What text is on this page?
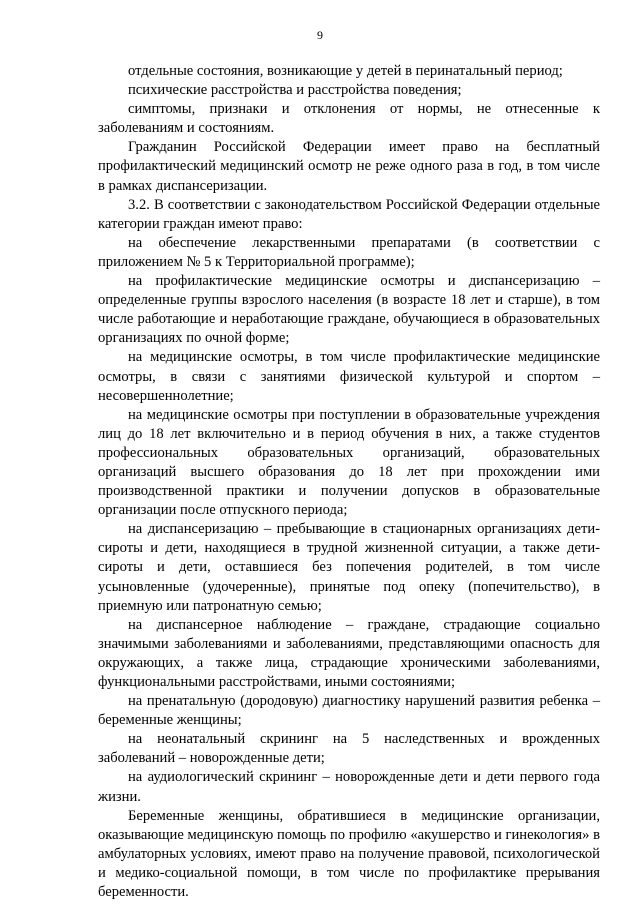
9

отдельные состояния, возникающие у детей в перинатальный период;

психические расстройства и расстройства поведения;

симптомы, признаки и отклонения от нормы, не отнесенные к заболеваниям и состояниям.

Гражданин Российской Федерации имеет право на бесплатный профилактический медицинский осмотр не реже одного раза в год, в том числе в рамках диспансеризации.

3.2. В соответствии с законодательством Российской Федерации отдельные категории граждан имеют право:

на обеспечение лекарственными препаратами (в соответствии с приложением № 5 к Территориальной программе);

на профилактические медицинские осмотры и диспансеризацию – определенные группы взрослого населения (в возрасте 18 лет и старше), в том числе работающие и неработающие граждане, обучающиеся в образовательных организациях по очной форме;

на медицинские осмотры, в том числе профилактические медицинские осмотры, в связи с занятиями физической культурой и спортом – несовершеннолетние;

на медицинские осмотры при поступлении в образовательные учреждения лиц до 18 лет включительно и в период обучения в них, а также студентов профессиональных образовательных организаций, образовательных организаций высшего образования до 18 лет при прохождении ими производственной практики и получении допусков в образовательные организации после отпускного периода;

на диспансеризацию – пребывающие в стационарных организациях дети-сироты и дети, находящиеся в трудной жизненной ситуации, а также дети-сироты и дети, оставшиеся без попечения родителей, в том числе усыновленные (удочеренные), принятые под опеку (попечительство), в приемную или патронатную семью;

на диспансерное наблюдение – граждане, страдающие социально значимыми заболеваниями и заболеваниями, представляющими опасность для окружающих, а также лица, страдающие хроническими заболеваниями, функциональными расстройствами, иными состояниями;

на пренатальную (дородовую) диагностику нарушений развития ребенка – беременные женщины;

на неонатальный скрининг на 5 наследственных и врожденных заболеваний – новорожденные дети;

на аудиологический скрининг – новорожденные дети и дети первого года жизни.

Беременные женщины, обратившиеся в медицинские организации, оказывающие медицинскую помощь по профилю «акушерство и гинекология» в амбулаторных условиях, имеют право на получение правовой, психологической и медико-социальной помощи, в том числе по профилактике прерывания беременности.
